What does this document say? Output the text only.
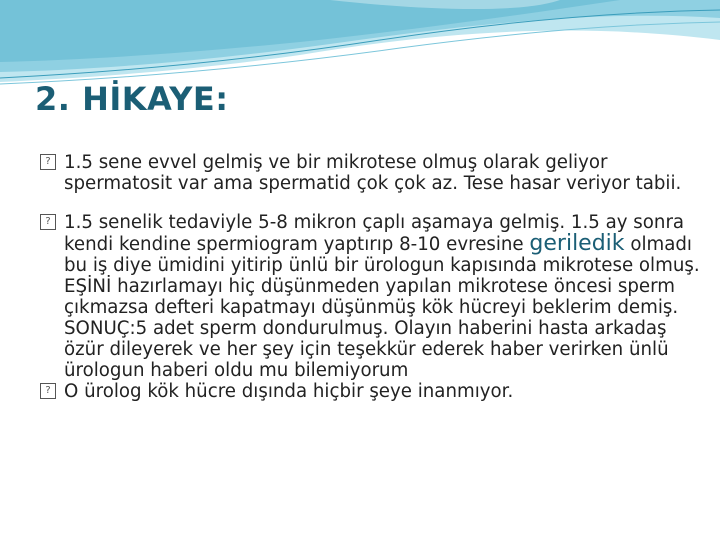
2. HİKAYE:

? 1.5 sene evvel gelmiş ve bir mikrotese olmuş olarak geliyor spermatosit var ama spermatid çok çok az. Tese hasar veriyor tabii.

? 1.5 senelik tedaviyle 5-8 mikron çaplı aşamaya gelmiş. 1.5 ay sonra kendi kendine spermiogram yaptırıp 8-10 evresine geriledik olmadı bu iş diye ümidini yitirip ünlü bir ürologun kapısında mikrotese olmuş. EŞİNİ hazırlamayı hiç düşünmeden yapılan mikrotese öncesi sperm çıkmazsa defteri kapatmayı düşünmüş kök hücreyi beklerim demiş. SONUÇ:5 adet sperm dondurulmuş. Olayın haberini hasta arkadaş özür dileyerek ve her şey için teşekkür ederek haber verirken ünlü ürologun haberi oldu mu bilemiyorum

? O ürolog kök hücre dışında hiçbir şeye inanmıyor.
